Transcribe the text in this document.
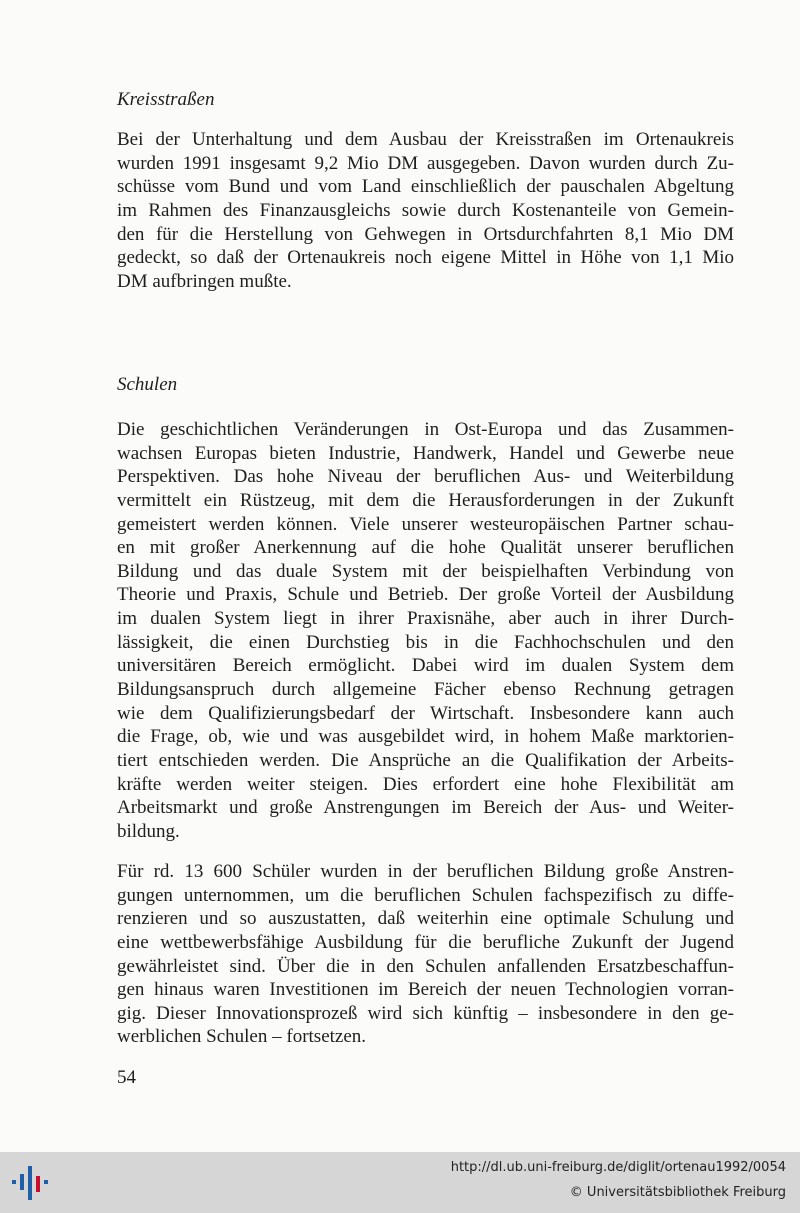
Kreisstraßen
Bei der Unterhaltung und dem Ausbau der Kreisstraßen im Ortenaukreis
wurden 1991 insgesamt 9,2 Mio DM ausgegeben. Davon wurden durch Zu-
schüsse vom Bund und vom Land einschließlich der pauschalen Abgeltung
im Rahmen des Finanzausgleichs sowie durch Kostenanteile von Gemein-
den für die Herstellung von Gehwegen in Ortsdurchfahrten 8,1 Mio DM
gedeckt, so daß der Ortenaukreis noch eigene Mittel in Höhe von 1,1 Mio
DM aufbringen mußte.
Schulen
Die geschichtlichen Veränderungen in Ost-Europa und das Zusammen-
wachsen Europas bieten Industrie, Handwerk, Handel und Gewerbe neue
Perspektiven. Das hohe Niveau der beruflichen Aus- und Weiterbildung
vermittelt ein Rüstzeug, mit dem die Herausforderungen in der Zukunft
gemeistert werden können. Viele unserer westeuropäischen Partner schau-
en mit großer Anerkennung auf die hohe Qualität unserer beruflichen
Bildung und das duale System mit der beispielhaften Verbindung von
Theorie und Praxis, Schule und Betrieb. Der große Vorteil der Ausbildung
im dualen System liegt in ihrer Praxisnähe, aber auch in ihrer Durch-
lässigkeit, die einen Durchstieg bis in die Fachhochschulen und den
universitären Bereich ermöglicht. Dabei wird im dualen System dem
Bildungsanspruch durch allgemeine Fächer ebenso Rechnung getragen
wie dem Qualifizierungsbedarf der Wirtschaft. Insbesondere kann auch
die Frage, ob, wie und was ausgebildet wird, in hohem Maße marktorien-
tiert entschieden werden. Die Ansprüche an die Qualifikation der Arbeits-
kräfte werden weiter steigen. Dies erfordert eine hohe Flexibilität am
Arbeitsmarkt und große Anstrengungen im Bereich der Aus- und Weiter-
bildung.
Für rd. 13 600 Schüler wurden in der beruflichen Bildung große Anstren-
gungen unternommen, um die beruflichen Schulen fachspezifisch zu diffe-
renzieren und so auszustatten, daß weiterhin eine optimale Schulung und
eine wettbewerbsfähige Ausbildung für die berufliche Zukunft der Jugend
gewährleistet sind. Über die in den Schulen anfallenden Ersatzbeschaffun-
gen hinaus waren Investitionen im Bereich der neuen Technologien vorran-
gig. Dieser Innovationsprozeß wird sich künftig – insbesondere in den ge-
werblichen Schulen – fortsetzen.

54

http://dl.ub.uni-freiburg.de/diglit/ortenau1992/0054

© Universitätsbibliothek Freiburg
